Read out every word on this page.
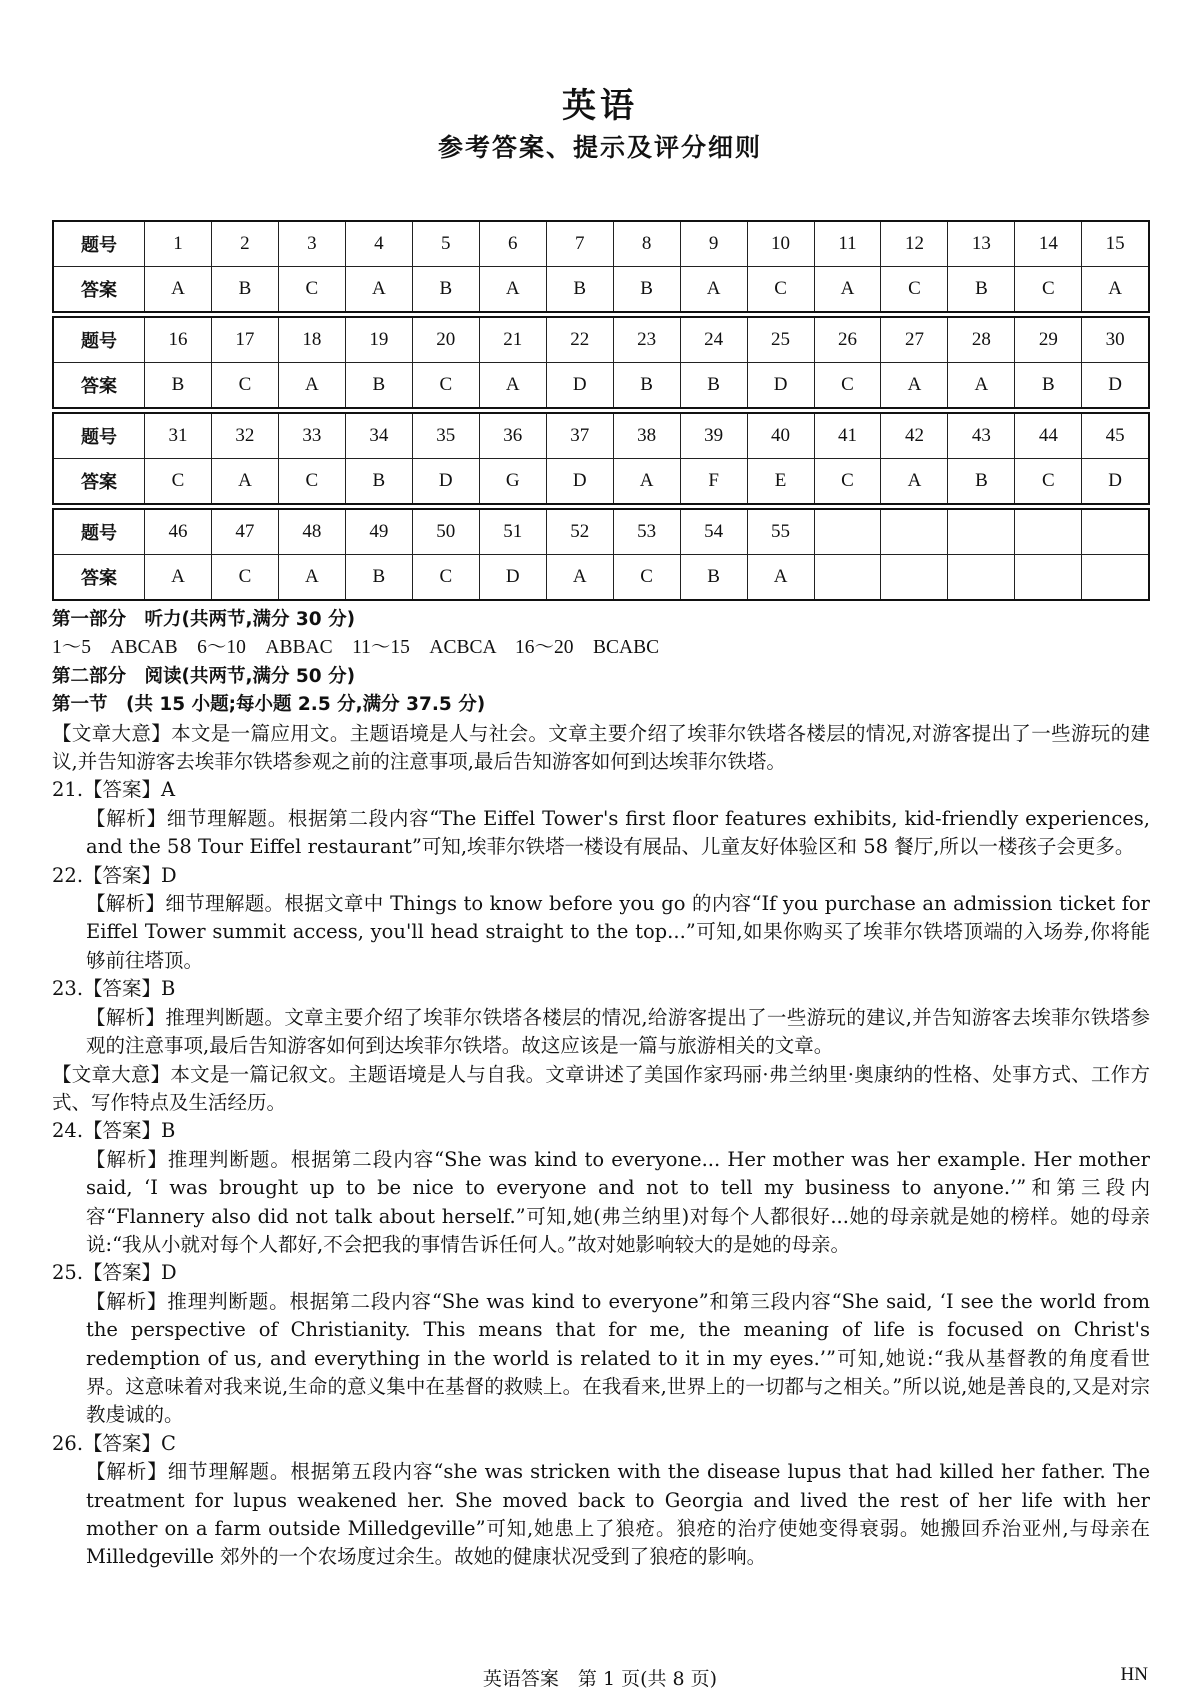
英语
参考答案、提示及评分细则
题号	1	2	3	4	5	6	7	8	9	10	11	12	13	14	15
答案	A	B	C	A	B	A	B	B	A	C	A	C	B	C	A
题号	16	17	18	19	20	21	22	23	24	25	26	27	28	29	30
答案	B	C	A	B	C	A	D	B	B	D	C	A	A	B	D
题号	31	32	33	34	35	36	37	38	39	40	41	42	43	44	45
答案	C	A	C	B	D	G	D	A	F	E	C	A	B	C	D
题号	46	47	48	49	50	51	52	53	54	55					
答案	A	C	A	B	C	D	A	C	B	A					

第一部分　听力(共两节,满分 30 分)

1～5　ABCAB　6～10　ABBAC　11～15　ACBCA　16～20　BCABC

第二部分　阅读(共两节,满分 50 分)

第一节　(共 15 小题;每小题 2.5 分,满分 37.5 分)

【文章大意】本文是一篇应用文。主题语境是人与社会。文章主要介绍了埃菲尔铁塔各楼层的情况,对游客提出了一些游玩的建议,并告知游客去埃菲尔铁塔参观之前的注意事项,最后告知游客如何到达埃菲尔铁塔。

21.【答案】A

【解析】细节理解题。根据第二段内容“The Eiffel Tower's first floor features exhibits, kid-friendly experiences, and the 58 Tour Eiffel restaurant”可知,埃菲尔铁塔一楼设有展品、儿童友好体验区和 58 餐厅,所以一楼孩子会更多。

22.【答案】D

【解析】细节理解题。根据文章中 Things to know before you go 的内容“If you purchase an admission ticket for Eiffel Tower summit access, you'll head straight to the top...”可知,如果你购买了埃菲尔铁塔顶端的入场券,你将能够前往塔顶。

23.【答案】B

【解析】推理判断题。文章主要介绍了埃菲尔铁塔各楼层的情况,给游客提出了一些游玩的建议,并告知游客去埃菲尔铁塔参观的注意事项,最后告知游客如何到达埃菲尔铁塔。故这应该是一篇与旅游相关的文章。

【文章大意】本文是一篇记叙文。主题语境是人与自我。文章讲述了美国作家玛丽·弗兰纳里·奥康纳的性格、处事方式、工作方式、写作特点及生活经历。

24.【答案】B

【解析】推理判断题。根据第二段内容“She was kind to everyone... Her mother was her example. Her mother said, ‘I was brought up to be nice to everyone and not to tell my business to anyone.’”和第三段内容“Flannery also did not talk about herself.”可知,她(弗兰纳里)对每个人都很好...她的母亲就是她的榜样。她的母亲说:“我从小就对每个人都好,不会把我的事情告诉任何人。”故对她影响较大的是她的母亲。

25.【答案】D

【解析】推理判断题。根据第二段内容“She was kind to everyone”和第三段内容“She said, ‘I see the world from the perspective of Christianity. This means that for me, the meaning of life is focused on Christ's redemption of us, and everything in the world is related to it in my eyes.’”可知,她说:“我从基督教的角度看世界。这意味着对我来说,生命的意义集中在基督的救赎上。在我看来,世界上的一切都与之相关。”所以说,她是善良的,又是对宗教虔诚的。

26.【答案】C

【解析】细节理解题。根据第五段内容“she was stricken with the disease lupus that had killed her father. The treatment for lupus weakened her. She moved back to Georgia and lived the rest of her life with her mother on a farm outside Milledgeville”可知,她患上了狼疮。狼疮的治疗使她变得衰弱。她搬回乔治亚州,与母亲在 Milledgeville 郊外的一个农场度过余生。故她的健康状况受到了狼疮的影响。

英语答案　第 1 页(共 8 页)	HN
